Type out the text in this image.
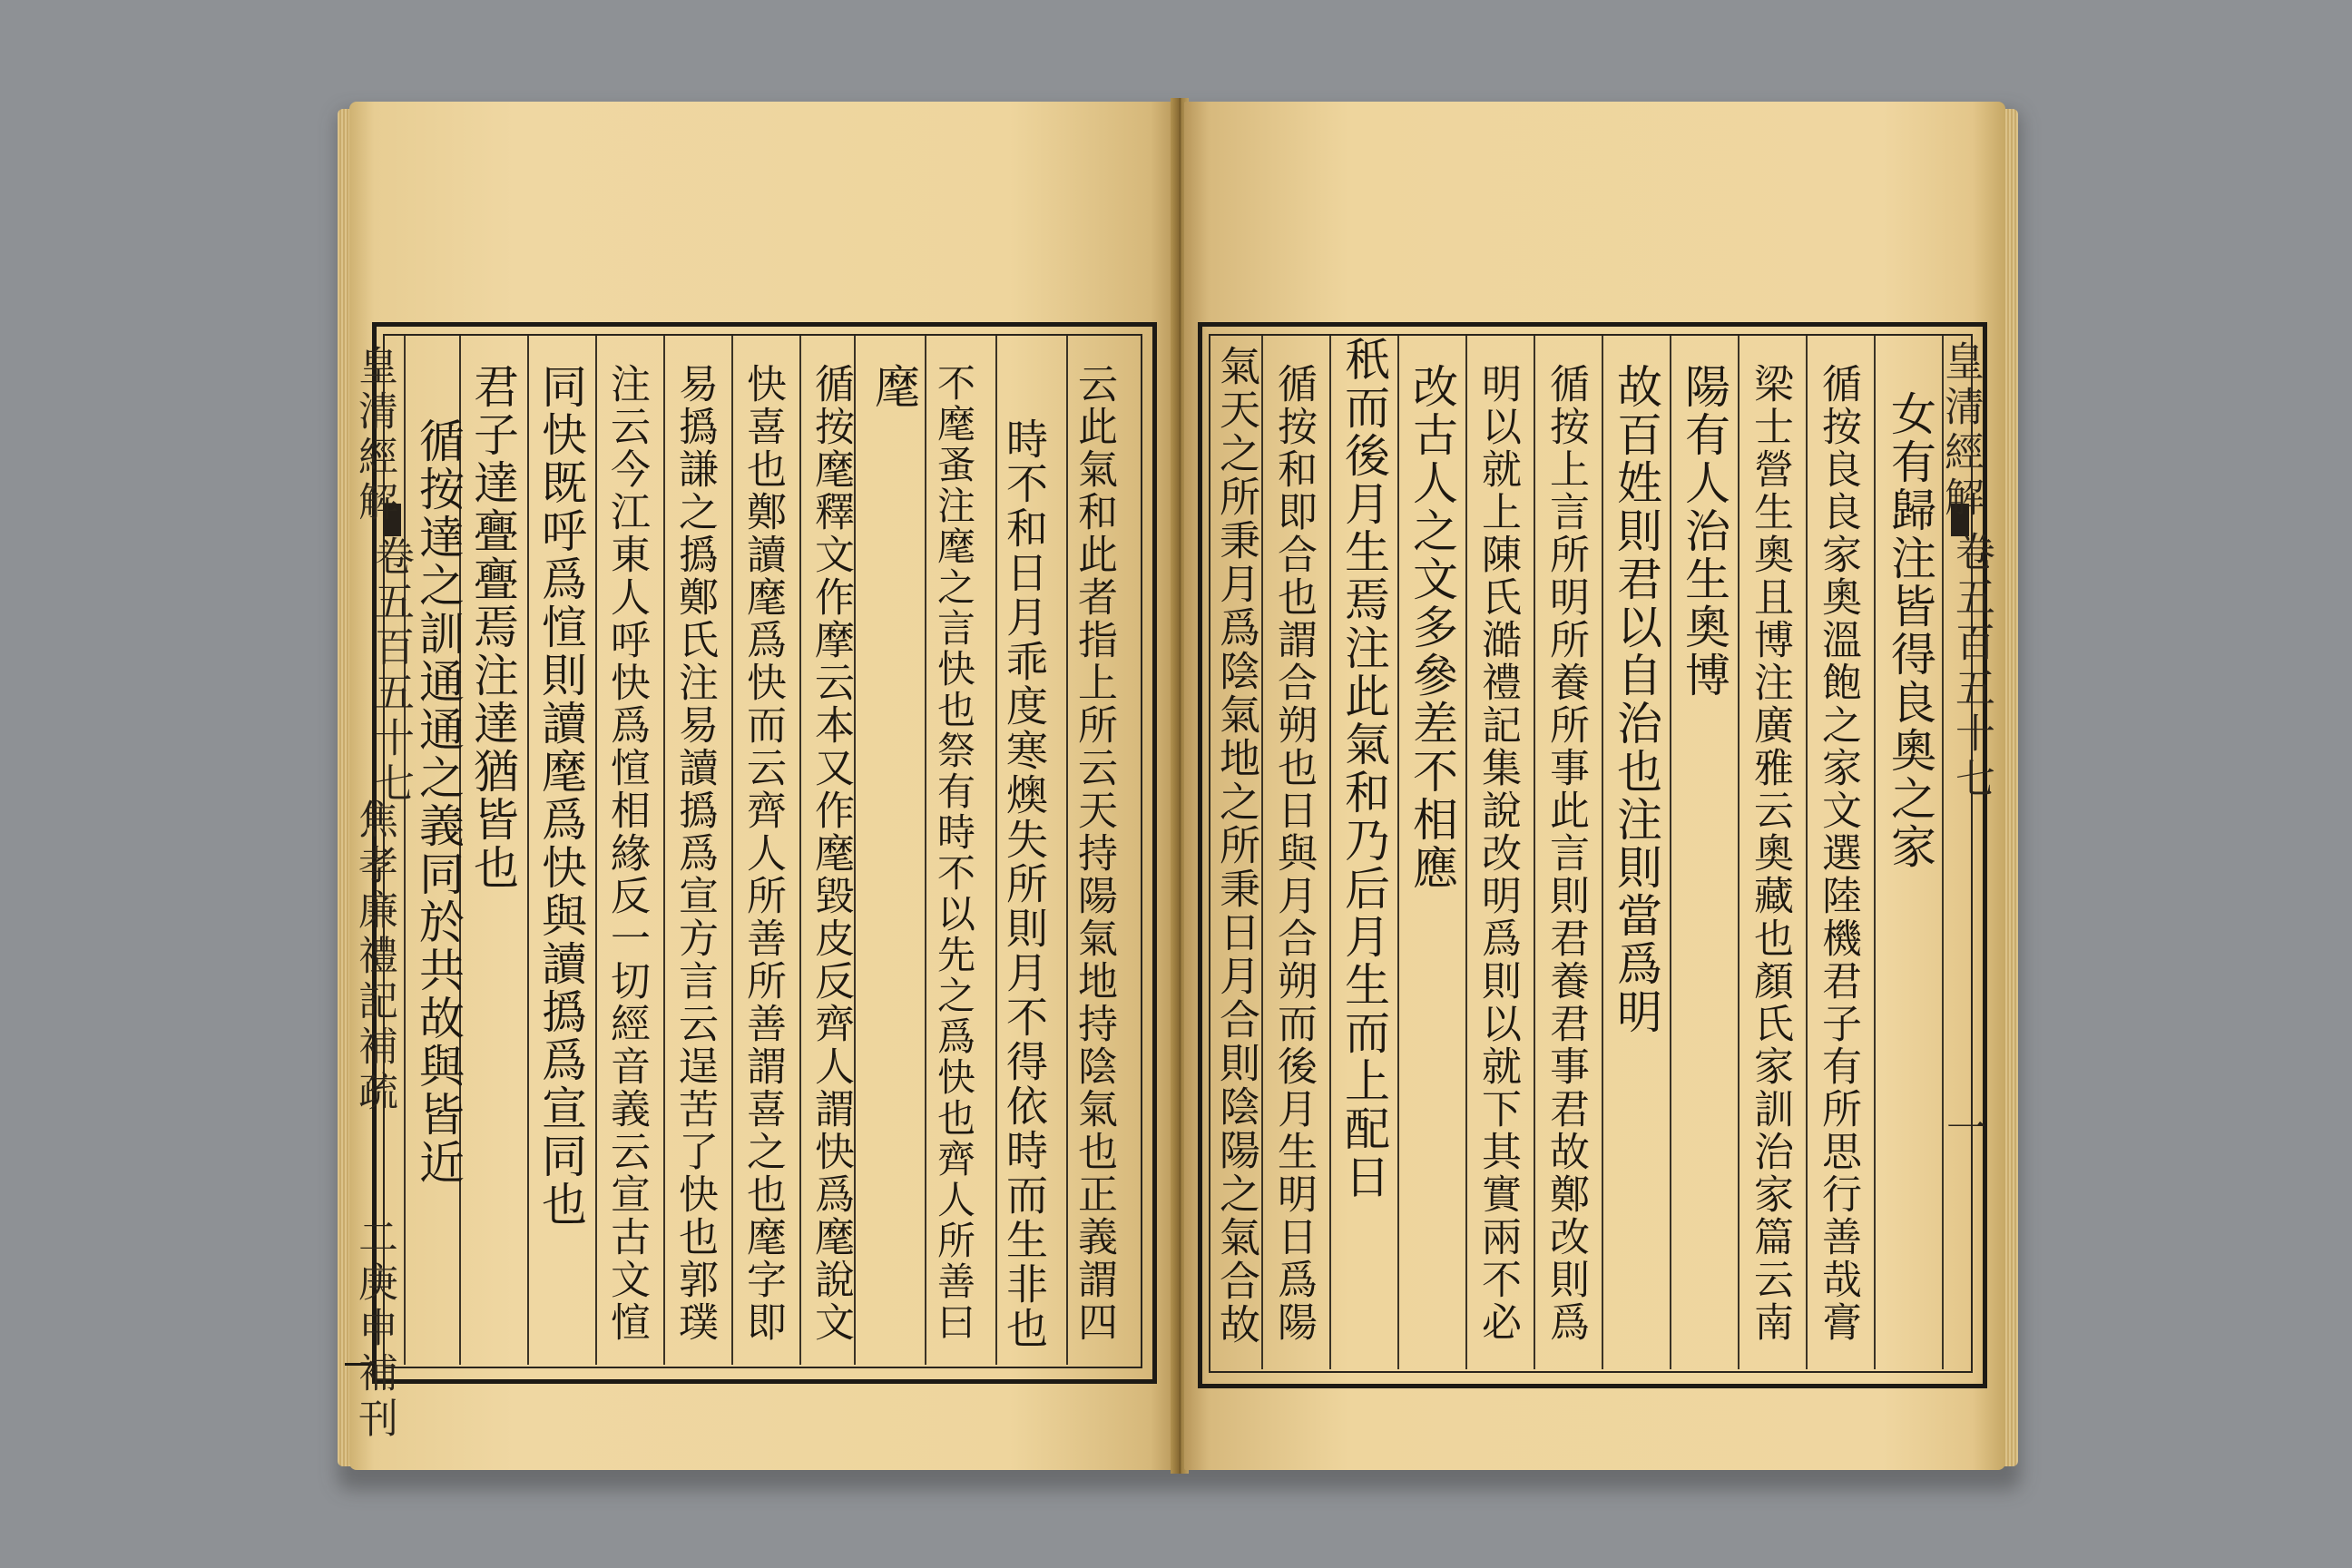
皇清經解
卷五百五十七
焦孝廉禮記補疏
二
庚申補刊
云此氣和此者指上所云天持陽氣地持陰氣也正義謂四
時不和日月乖度寒燠失所則月不得依時而生非也
不麾蚤注麾之言快也祭有時不以先之爲快也齊人所善曰
麾
循按麾釋文作摩云本又作麾毀皮反齊人謂快爲麾說文
快喜也鄭讀麾爲快而云齊人所善所善謂喜之也麾字即
易撝謙之撝鄭氏注易讀撝爲宣方言云逞苦了快也郭璞
注云今江東人呼快爲愃相緣反一切經音義云宣古文愃
同快既呼爲愃則讀麾爲快與讀撝爲宣同也
君子達亹亹焉注達猶皆也
循按達之訓通通之義同於共故與皆近	皇清經解
卷五百五十七
一
女有歸注皆得良奧之家
循按良良家奧溫飽之家文選陸機君子有所思行善哉膏
梁士營生奧且博注廣雅云奧藏也顏氏家訓治家篇云南
陽有人治生奧博
故百姓則君以自治也注則當爲明
循按上言所明所養所事此言則君養君事君故鄭改則爲
明以就上陳氏澔禮記集說改明爲則以就下其實兩不必
改古人之文多參差不相應
秖而後月生焉注此氣和乃后月生而上配日
循按和即合也謂合朔也日與月合朔而後月生明日爲陽
氣天之所秉月爲陰氣地之所秉日月合則陰陽之氣合故
